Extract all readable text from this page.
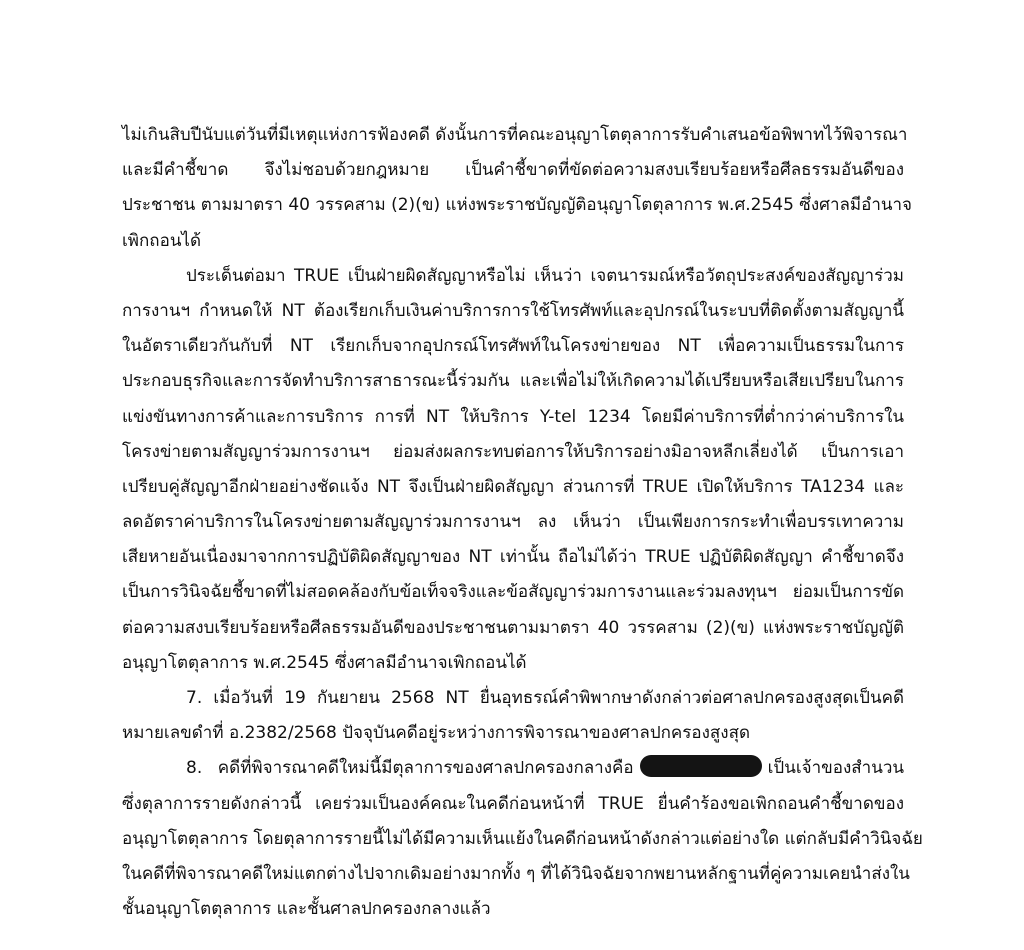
ไม่เกินสิบปีนับแต่วันที่มีเหตุแห่งการฟ้องคดี ดังนั้นการที่คณะอนุญาโตตุลาการรับคำเสนอข้อพิพาทไว้พิจารณา
และมีคำชี้ขาด จึงไม่ชอบด้วยกฎหมาย เป็นคำชี้ขาดที่ขัดต่อความสงบเรียบร้อยหรือศีลธรรมอันดีของ
ประชาชน ตามมาตรา 40 วรรคสาม (2)(ข) แห่งพระราชบัญญัติอนุญาโตตุลาการ พ.ศ.2545 ซึ่งศาลมีอำนาจ
เพิกถอนได้
ประเด็นต่อมา TRUE เป็นฝ่ายผิดสัญญาหรือไม่ เห็นว่า เจตนารมณ์หรือวัตถุประสงค์ของสัญญาร่วม
การงานฯ กำหนดให้ NT ต้องเรียกเก็บเงินค่าบริการการใช้โทรศัพท์และอุปกรณ์ในระบบที่ติดตั้งตามสัญญานี้
ในอัตราเดียวกันกับที่ NT เรียกเก็บจากอุปกรณ์โทรศัพท์ในโครงข่ายของ NT เพื่อความเป็นธรรมในการ
ประกอบธุรกิจและการจัดทำบริการสาธารณะนี้ร่วมกัน และเพื่อไม่ให้เกิดความได้เปรียบหรือเสียเปรียบในการ
แข่งขันทางการค้าและการบริการ การที่ NT ให้บริการ Y-tel 1234 โดยมีค่าบริการที่ต่ำกว่าค่าบริการใน
โครงข่ายตามสัญญาร่วมการงานฯ ย่อมส่งผลกระทบต่อการให้บริการอย่างมิอาจหลีกเลี่ยงได้ เป็นการเอา
เปรียบคู่สัญญาอีกฝ่ายอย่างชัดแจ้ง NT จึงเป็นฝ่ายผิดสัญญา ส่วนการที่ TRUE เปิดให้บริการ TA1234 และ
ลดอัตราค่าบริการในโครงข่ายตามสัญญาร่วมการงานฯ ลง เห็นว่า เป็นเพียงการกระทำเพื่อบรรเทาความ
เสียหายอันเนื่องมาจากการปฏิบัติผิดสัญญาของ NT เท่านั้น ถือไม่ได้ว่า TRUE ปฏิบัติผิดสัญญา คำชี้ขาดจึง
เป็นการวินิจฉัยชี้ขาดที่ไม่สอดคล้องกับข้อเท็จจริงและข้อสัญญาร่วมการงานและร่วมลงทุนฯ ย่อมเป็นการขัด
ต่อความสงบเรียบร้อยหรือศีลธรรมอันดีของประชาชนตามมาตรา 40 วรรคสาม (2)(ข) แห่งพระราชบัญญัติ
อนุญาโตตุลาการ พ.ศ.2545 ซึ่งศาลมีอำนาจเพิกถอนได้
7. เมื่อวันที่ 19 กันยายน 2568 NT ยื่นอุทธรณ์คำพิพากษาดังกล่าวต่อศาลปกครองสูงสุดเป็นคดี
หมายเลขดำที่ อ.2382/2568 ปัจจุบันคดีอยู่ระหว่างการพิจารณาของศาลปกครองสูงสุด
8. คดีที่พิจารณาคดีใหม่นี้มีตุลาการของศาลปกครองกลางคือ	เป็นเจ้าของสำนวน
ซึ่งตุลาการรายดังกล่าวนี้ เคยร่วมเป็นองค์คณะในคดีก่อนหน้าที่ TRUE ยื่นคำร้องขอเพิกถอนคำชี้ขาดของ
อนุญาโตตุลาการ โดยตุลาการรายนี้ไม่ได้มีความเห็นแย้งในคดีก่อนหน้าดังกล่าวแต่อย่างใด แต่กลับมีคำวินิจฉัย
ในคดีที่พิจารณาคดีใหม่แตกต่างไปจากเดิมอย่างมากทั้ง ๆ ที่ได้วินิจฉัยจากพยานหลักฐานที่คู่ความเคยนำส่งใน
ชั้นอนุญาโตตุลาการ และชั้นศาลปกครองกลางแล้ว
